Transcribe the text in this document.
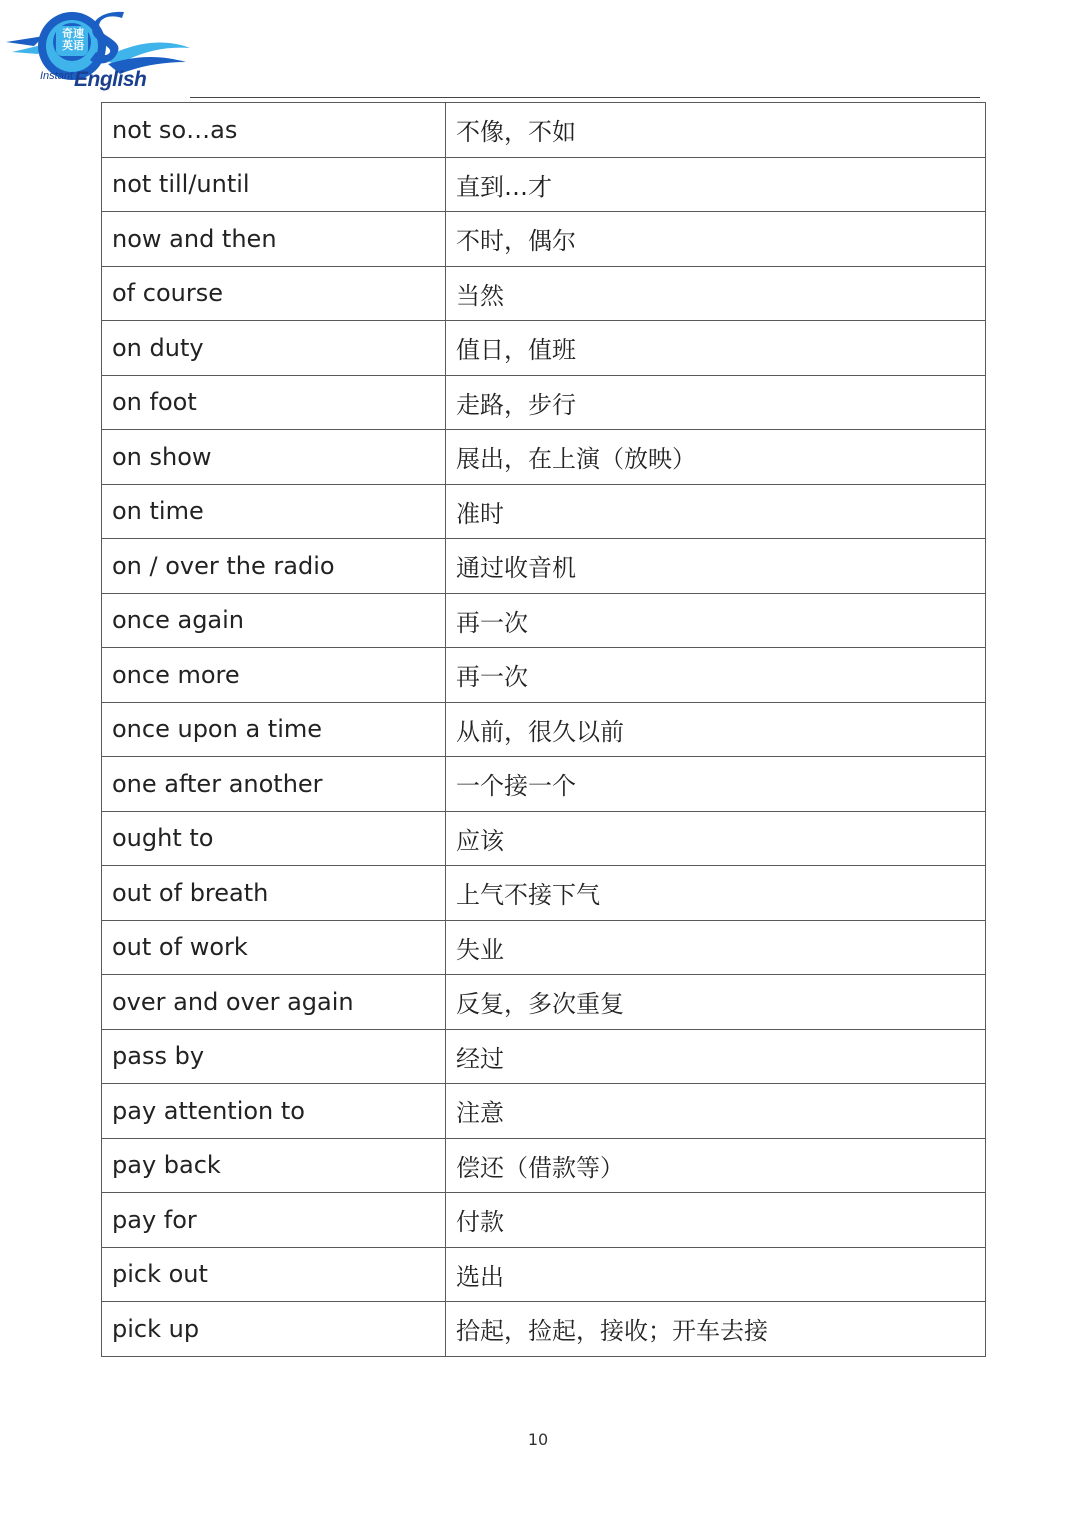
奇速英语
Instant English
not so…as	不像，不如
not till/until	直到…才
now and then	不时，偶尔
of course	当然
on duty	值日，值班
on foot	走路，步行
on show	展出，在上演（放映）
on time	准时
on / over the radio	通过收音机
once again	再一次
once more	再一次
once upon a time	从前，很久以前
one after another	一个接一个
ought to	应该
out of breath	上气不接下气
out of work	失业
over and over again	反复，多次重复
pass by	经过
pay attention to	注意
pay back	偿还（借款等）
pay for	付款
pick out	选出
pick up	拾起，捡起，接收；开车去接
10
